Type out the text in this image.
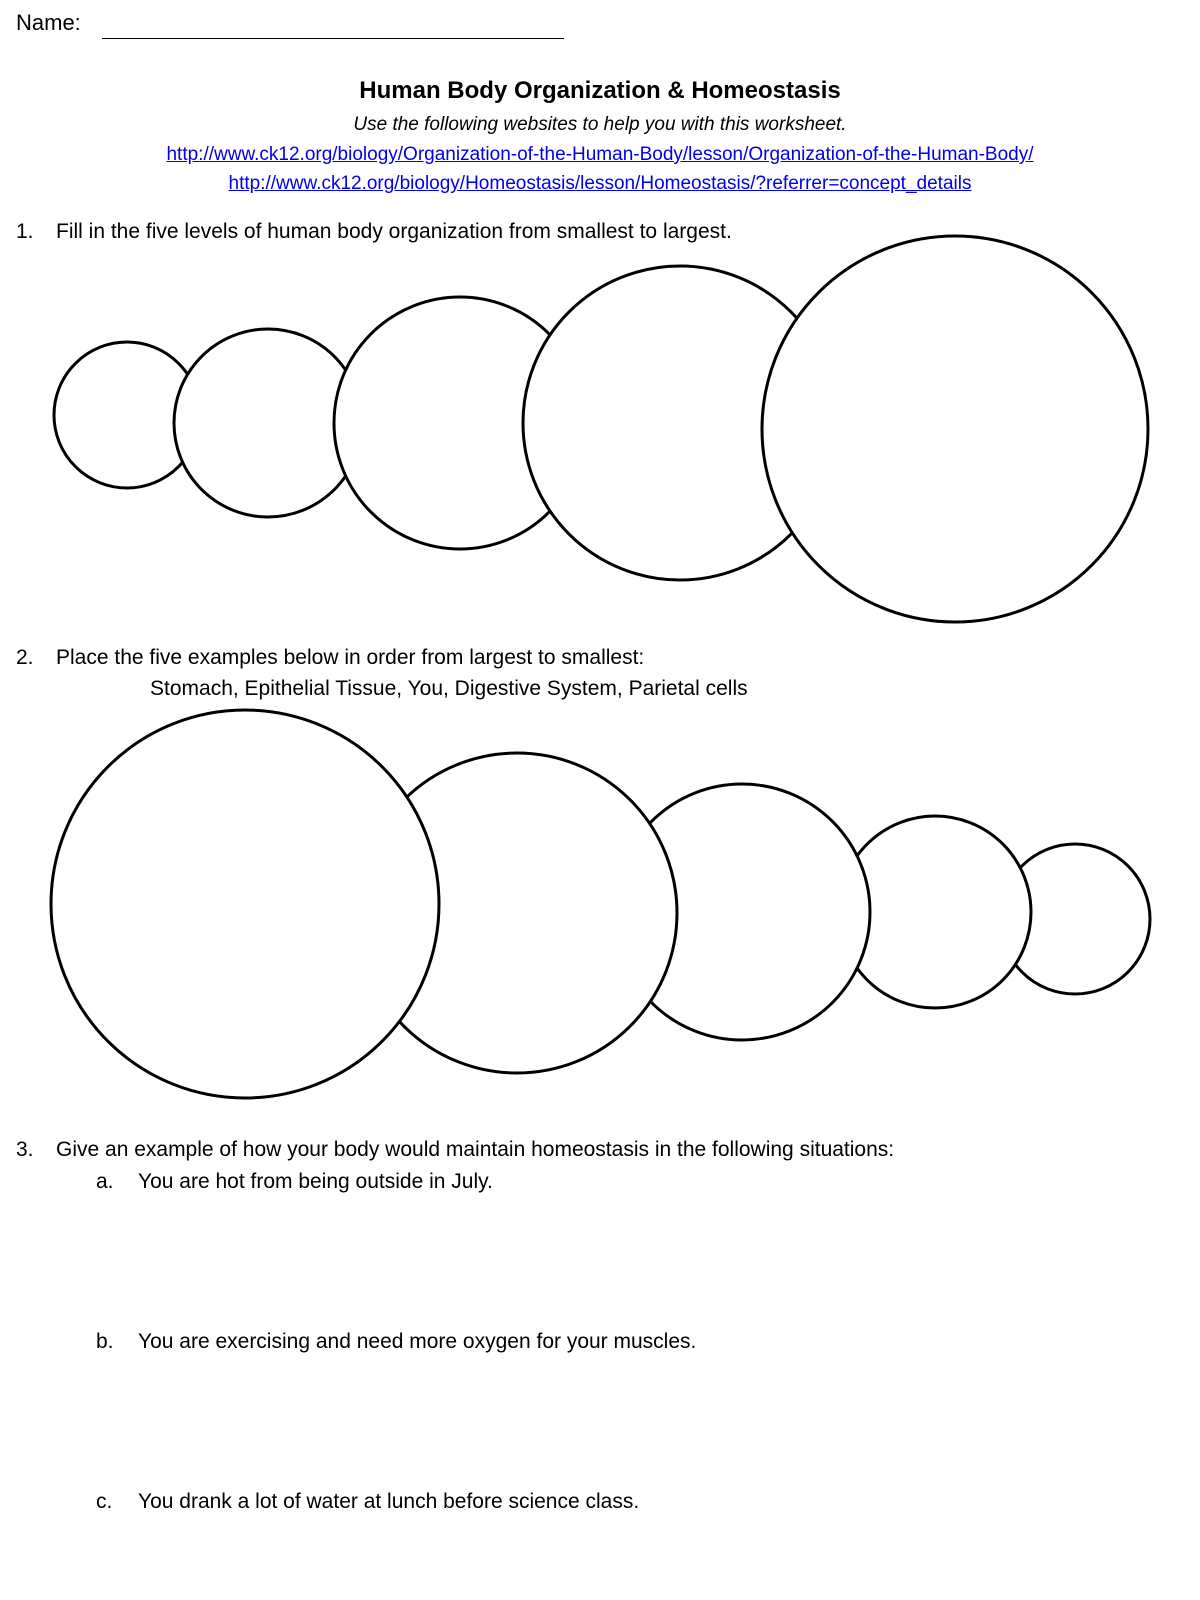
Name:
Human Body Organization & Homeostasis
Use the following websites to help you with this worksheet.
http://www.ck12.org/biology/Organization-of-the-Human-Body/lesson/Organization-of-the-Human-Body/
http://www.ck12.org/biology/Homeostasis/lesson/Homeostasis/?referrer=concept_details
1. Fill in the five levels of human body organization from smallest to largest.
2. Place the five examples below in order from largest to smallest:
Stomach, Epithelial Tissue, You, Digestive System, Parietal cells
3. Give an example of how your body would maintain homeostasis in the following situations:
a. You are hot from being outside in July.
b. You are exercising and need more oxygen for your muscles.
c. You drank a lot of water at lunch before science class.
